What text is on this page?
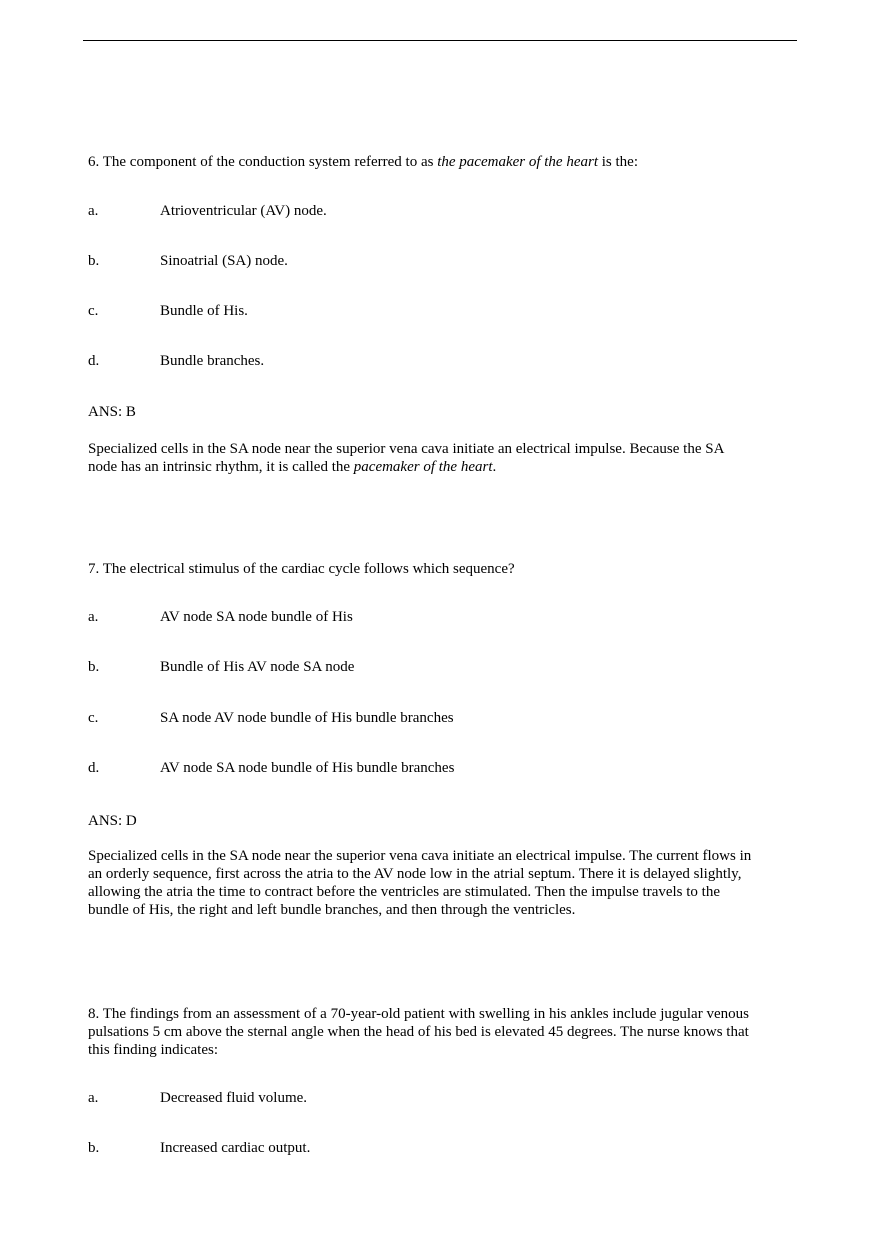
6. The component of the conduction system referred to as the pacemaker of the heart is the:
a.	Atrioventricular (AV) node.
b.	Sinoatrial (SA) node.
c.	Bundle of His.
d.	Bundle branches.
ANS: B
Specialized cells in the SA node near the superior vena cava initiate an electrical impulse. Because the SA
node has an intrinsic rhythm, it is called the pacemaker of the heart.
7. The electrical stimulus of the cardiac cycle follows which sequence?
a.	AV node SA node bundle of His
b.	Bundle of His AV node SA node
c.	SA node AV node bundle of His bundle branches
d.	AV node SA node bundle of His bundle branches
ANS: D
Specialized cells in the SA node near the superior vena cava initiate an electrical impulse. The current flows in
an orderly sequence, first across the atria to the AV node low in the atrial septum. There it is delayed slightly,
allowing the atria the time to contract before the ventricles are stimulated. Then the impulse travels to the
bundle of His, the right and left bundle branches, and then through the ventricles.
8. The findings from an assessment of a 70-year-old patient with swelling in his ankles include jugular venous
pulsations 5 cm above the sternal angle when the head of his bed is elevated 45 degrees. The nurse knows that
this finding indicates:
a.	Decreased fluid volume.
b.	Increased cardiac output.
